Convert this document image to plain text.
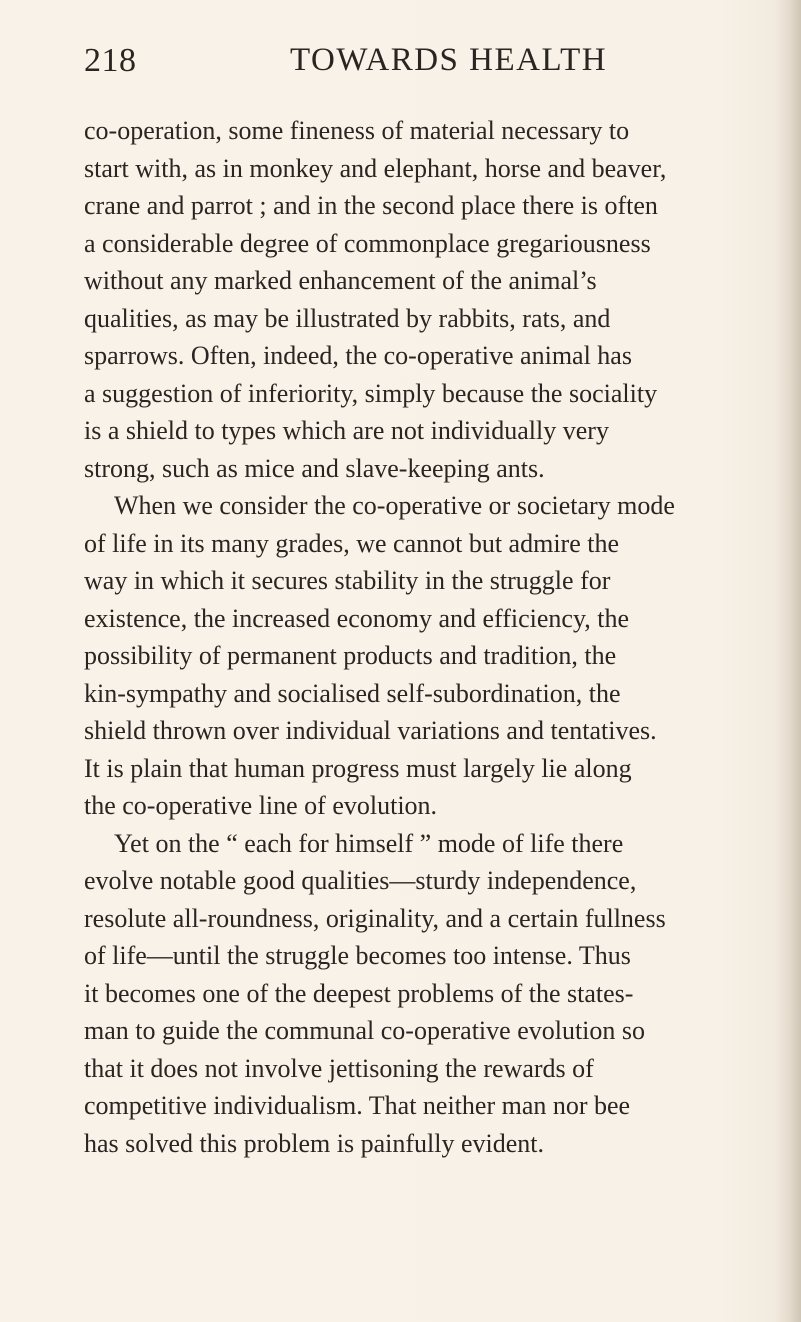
218	TOWARDS HEALTH
co-operation, some fineness of material necessary to
start with, as in monkey and elephant, horse and beaver,
crane and parrot ; and in the second place there is often
a considerable degree of commonplace gregariousness
without any marked enhancement of the animal’s
qualities, as may be illustrated by rabbits, rats, and
sparrows. Often, indeed, the co-operative animal has
a suggestion of inferiority, simply because the sociality
is a shield to types which are not individually very
strong, such as mice and slave-keeping ants.
When we consider the co-operative or societary mode
of life in its many grades, we cannot but admire the
way in which it secures stability in the struggle for
existence, the increased economy and efficiency, the
possibility of permanent products and tradition, the
kin-sympathy and socialised self-subordination, the
shield thrown over individual variations and tentatives.
It is plain that human progress must largely lie along
the co-operative line of evolution.
Yet on the “ each for himself ” mode of life there
evolve notable good qualities—sturdy independence,
resolute all-roundness, originality, and a certain fullness
of life—until the struggle becomes too intense. Thus
it becomes one of the deepest problems of the states-
man to guide the communal co-operative evolution so
that it does not involve jettisoning the rewards of
competitive individualism. That neither man nor bee
has solved this problem is painfully evident.
